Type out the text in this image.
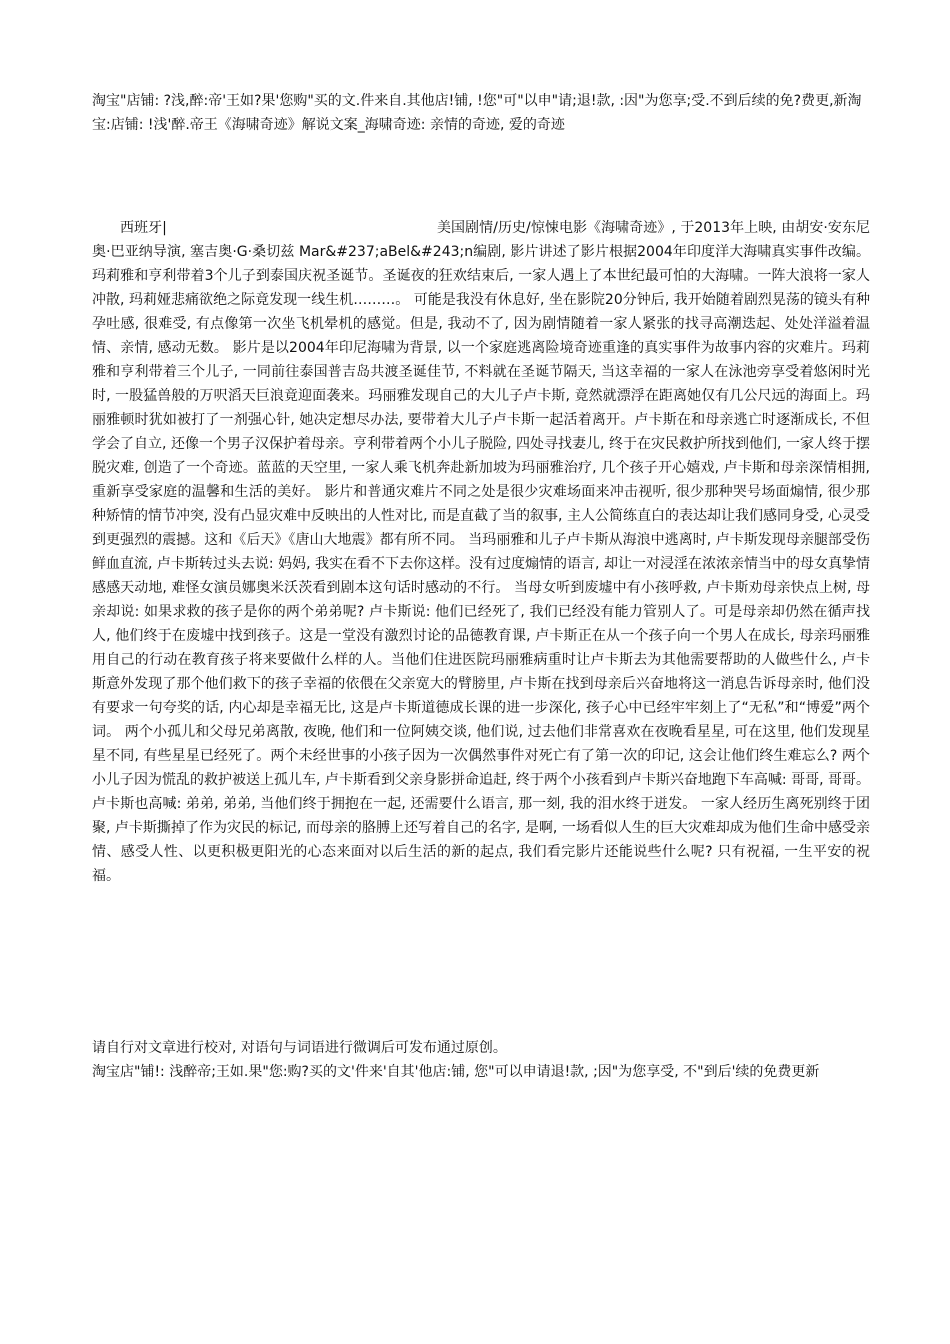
淘宝"店铺: ?浅,醉:帝'王如?果'您购"买的文.件来自.其他店!铺, !您"可"以申"请;退!款, :因"为您享;受.不到后续的免?费更,新淘宝:店铺: !浅'醉.帝王《海啸奇迹》解说文案_海啸奇迹: 亲情的奇迹, 爱的奇迹
西班牙|	美国剧情/历史/惊悚电影《海啸奇迹》, 于2013年上映, 由胡安·安东尼奥·巴亚纳导演, 塞吉奥·G·桑切兹 Mar&#237;aBel&#243;n编剧, 影片讲述了影片根据2004年印度洋大海啸真实事件改编。玛莉雅和亨利带着3个儿子到泰国庆祝圣诞节。圣诞夜的狂欢结束后, 一家人遇上了本世纪最可怕的大海啸。一阵大浪将一家人冲散, 玛莉娅悲痛欲绝之际竟发现一线生机………。 可能是我没有休息好, 坐在影院20分钟后, 我开始随着剧烈晃荡的镜头有种孕吐感, 很难受, 有点像第一次坐飞机晕机的感觉。但是, 我动不了, 因为剧情随着一家人紧张的找寻高潮迭起、处处洋溢着温情、亲情, 感动无数。 影片是以2004年印尼海啸为背景, 以一个家庭逃离险境奇迹重逢的真实事件为故事内容的灾难片。玛莉雅和亨利带着三个儿子, 一同前往泰国普吉岛共渡圣诞佳节, 不料就在圣诞节隔天, 当这幸福的一家人在泳池旁享受着悠闲时光时, 一股猛兽般的万呎滔天巨浪竟迎面袭来。玛丽雅发现自己的大儿子卢卡斯, 竟然就漂浮在距离她仅有几公尺远的海面上。玛丽雅顿时犹如被打了一剂强心针, 她决定想尽办法, 要带着大儿子卢卡斯一起活着离开。卢卡斯在和母亲逃亡时逐渐成长, 不但学会了自立, 还像一个男子汉保护着母亲。亨利带着两个小儿子脱险, 四处寻找妻儿, 终于在灾民救护所找到他们, 一家人终于摆脱灾难, 创造了一个奇迹。蓝蓝的天空里, 一家人乘飞机奔赴新加坡为玛丽雅治疗, 几个孩子开心嬉戏, 卢卡斯和母亲深情相拥, 重新享受家庭的温馨和生活的美好。 影片和普通灾难片不同之处是很少灾难场面来冲击视听, 很少那种哭号场面煽情, 很少那种矫情的情节冲突, 没有凸显灾难中反映出的人性对比, 而是直截了当的叙事, 主人公简练直白的表达却让我们感同身受, 心灵受到更强烈的震撼。这和《后天》《唐山大地震》都有所不同。 当玛丽雅和儿子卢卡斯从海浪中逃离时, 卢卡斯发现母亲腿部受伤鲜血直流, 卢卡斯转过头去说: 妈妈, 我实在看不下去你这样。没有过度煽情的语言, 却让一对浸淫在浓浓亲情当中的母女真挚情感感天动地, 难怪女演员娜奥米沃茨看到剧本这句话时感动的不行。 当母女听到废墟中有小孩呼救, 卢卡斯劝母亲快点上树, 母亲却说: 如果求救的孩子是你的两个弟弟呢? 卢卡斯说: 他们已经死了, 我们已经没有能力管别人了。可是母亲却仍然在循声找人, 他们终于在废墟中找到孩子。这是一堂没有激烈讨论的品德教育课, 卢卡斯正在从一个孩子向一个男人在成长, 母亲玛丽雅用自己的行动在教育孩子将来要做什么样的人。当他们住进医院玛丽雅病重时让卢卡斯去为其他需要帮助的人做些什么, 卢卡斯意外发现了那个他们救下的孩子幸福的依偎在父亲宽大的臂膀里, 卢卡斯在找到母亲后兴奋地将这一消息告诉母亲时, 他们没有要求一句夸奖的话, 内心却是幸福无比, 这是卢卡斯道德成长课的进一步深化, 孩子心中已经牢牢刻上了“无私”和“博爱”两个词。 两个小孤儿和父母兄弟离散, 夜晚, 他们和一位阿姨交谈, 他们说, 过去他们非常喜欢在夜晚看星星, 可在这里, 他们发现星星不同, 有些星星已经死了。两个未经世事的小孩子因为一次偶然事件对死亡有了第一次的印记, 这会让他们终生难忘么? 两个小儿子因为慌乱的救护被送上孤儿车, 卢卡斯看到父亲身影拼命追赶, 终于两个小孩看到卢卡斯兴奋地跑下车高喊: 哥哥, 哥哥。卢卡斯也高喊: 弟弟, 弟弟, 当他们终于拥抱在一起, 还需要什么语言, 那一刻, 我的泪水终于迸发。 一家人经历生离死别终于团聚, 卢卡斯撕掉了作为灾民的标记, 而母亲的胳膊上还写着自己的名字, 是啊, 一场看似人生的巨大灾难却成为他们生命中感受亲情、感受人性、以更积极更阳光的心态来面对以后生活的新的起点, 我们看完影片还能说些什么呢? 只有祝福, 一生平安的祝福。
请自行对文章进行校对, 对语句与词语进行微调后可发布通过原创。
淘宝店"铺!: 浅醉帝;王如.果"您:购?买的文'件来'自其'他店:铺, 您"可以申请退!款, ;因"为您享受, 不"到后'续的免费更新
